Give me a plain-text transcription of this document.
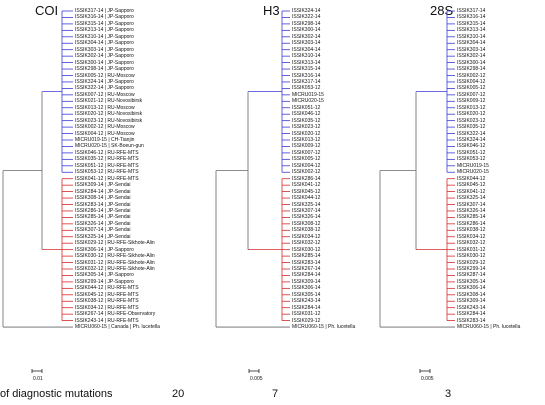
COI	H3	28S
ISSIK317-14 | JP-Sapporo
ISSIK316-14 | JP-Sapporo
ISSIK315-14 | JP-Sapporo
ISSIK313-14 | JP-Sapporo
ISSIK310-14 | JP-Sapporo
ISSIK304-14 | JP-Sapporo
ISSIK303-14 | JP-Sapporo
ISSIK302-14 | JP-Sapporo
ISSIK300-14 | JP-Sapporo
ISSIK298-14 | JP-Sapporo
ISSIK005-12 | RU-Moscow
ISSIK324-14 | JP-Sapporo
ISSIK322-14 | JP-Sapporo
ISSIK007-12 | RU-Moscow
ISSIK021-12 | RU-Novosibirsk
ISSIK013-12 | RU-Moscow
ISSIK020-12 | RU-Novosibirsk
ISSIK023-12 | RU-Novosibirsk
ISSIK002-12 | RU-Moscow
ISSIK004-12 | RU-Moscow
MICRU019-15 | CH-Tianjin
MICRU020-15 | SK-Boeun-gun
ISSIK046-12 | RU-RFE-MTS
ISSIK035-12 | RU-RFE-MTS
ISSIK051-12 | RU-RFE-MTS
ISSIK053-12 | RU-RFE-MTS
ISSIK041-12 | RU-RFE-MTS
ISSIK309-14 | JP-Sendai
ISSIK284-14 | JP-Sendai
ISSIK308-14 | JP-Sendai
ISSIK283-14 | JP-Sendai
ISSIK286-14 | JP-Sendai
ISSIK285-14 | JP-Sendai
ISSIK326-14 | JP-Sendai
ISSIK307-14 | JP-Sendai
ISSIK325-14 | JP-Sendai
ISSIK029-12 | RU-RFE-Sikhote-Alin
ISSIK306-14 | JP-Sapporo
ISSIK030-12 | RU-RFE-Sikhote-Alin
ISSIK031-12 | RU-RFE-Sikhote-Alin
ISSIK032-12 | RU-RFE-Sikhote-Alin
ISSIK305-14 | JP-Sapporo
ISSIK299-14 | JP-Sapporo
ISSIK044-12 | RU-RFE-MTS
ISSIK045-12 | RU-RFE-MTS
ISSIK038-12 | RU-RFE-MTS
ISSIK034-12 | RU-RFE-MTS
ISSIK267-14 | RU-RFE-Observatory
ISSIK243-14 | RU-RFE-MTS
MICRU060-15 | Canada | Ph. lucetella
ISSIK324-14
ISSIK322-14
ISSIK298-14
ISSIK300-14
ISSIK302-14
ISSIK303-14
ISSIK304-14
ISSIK310-14
ISSIK313-14
ISSIK315-14
ISSIK316-14
ISSIK317-14
ISSIK053-12
MICRU019-15
MICRU020-15
ISSIK051-12
ISSIK046-12
ISSIK035-12
ISSIK023-12
ISSIK020-12
ISSIK013-12
ISSIK009-12
ISSIK007-12
ISSIK005-12
ISSIK004-12
ISSIK002-12
ISSIK286-14
ISSIK041-12
ISSIK045-12
ISSIK044-12
ISSIK325-14
ISSIK307-14
ISSIK326-14
ISSIK308-12
ISSIK038-12
ISSIK034-12
ISSIK032-12
ISSIK030-12
ISSIK285-14
ISSIK283-14
ISSIK267-14
ISSIK284-14
ISSIK309-14
ISSIK306-14
ISSIK305-14
ISSIK243-14
ISSIK284-14
ISSIK031-12
ISSIK029-12
MICRU060-15 | Ph. lucetella
ISSIK317-14
ISSIK316-14
ISSIK315-14
ISSIK313-14
ISSIK310-14
ISSIK304-14
ISSIK303-14
ISSIK302-14
ISSIK300-14
ISSIK298-14
ISSIK002-12
ISSIK004-12
ISSIK005-12
ISSIK007-12
ISSIK009-12
ISSIK013-12
ISSIK020-12
ISSIK023-12
ISSIK035-12
ISSIK322-14
ISSIK324-14
ISSIK046-12
ISSIK051-12
ISSIK053-12
MICRU019-15
MICRU020-15
ISSIK044-12
ISSIK045-12
ISSIK041-12
ISSIK325-14
ISSIK307-14
ISSIK326-14
ISSIK285-14
ISSIK286-14
ISSIK038-12
ISSIK034-12
ISSIK032-12
ISSIK031-12
ISSIK030-12
ISSIK029-12
ISSIK299-14
ISSIK287-14
ISSIK305-14
ISSIK306-14
ISSIK308-14
ISSIK309-14
ISSIK243-14
ISSIK284-14
ISSIK283-14
MICRU060-15 | Ph. lucetella
0.01	0.005	0.005
of diagnostic mutations	20	7	3
